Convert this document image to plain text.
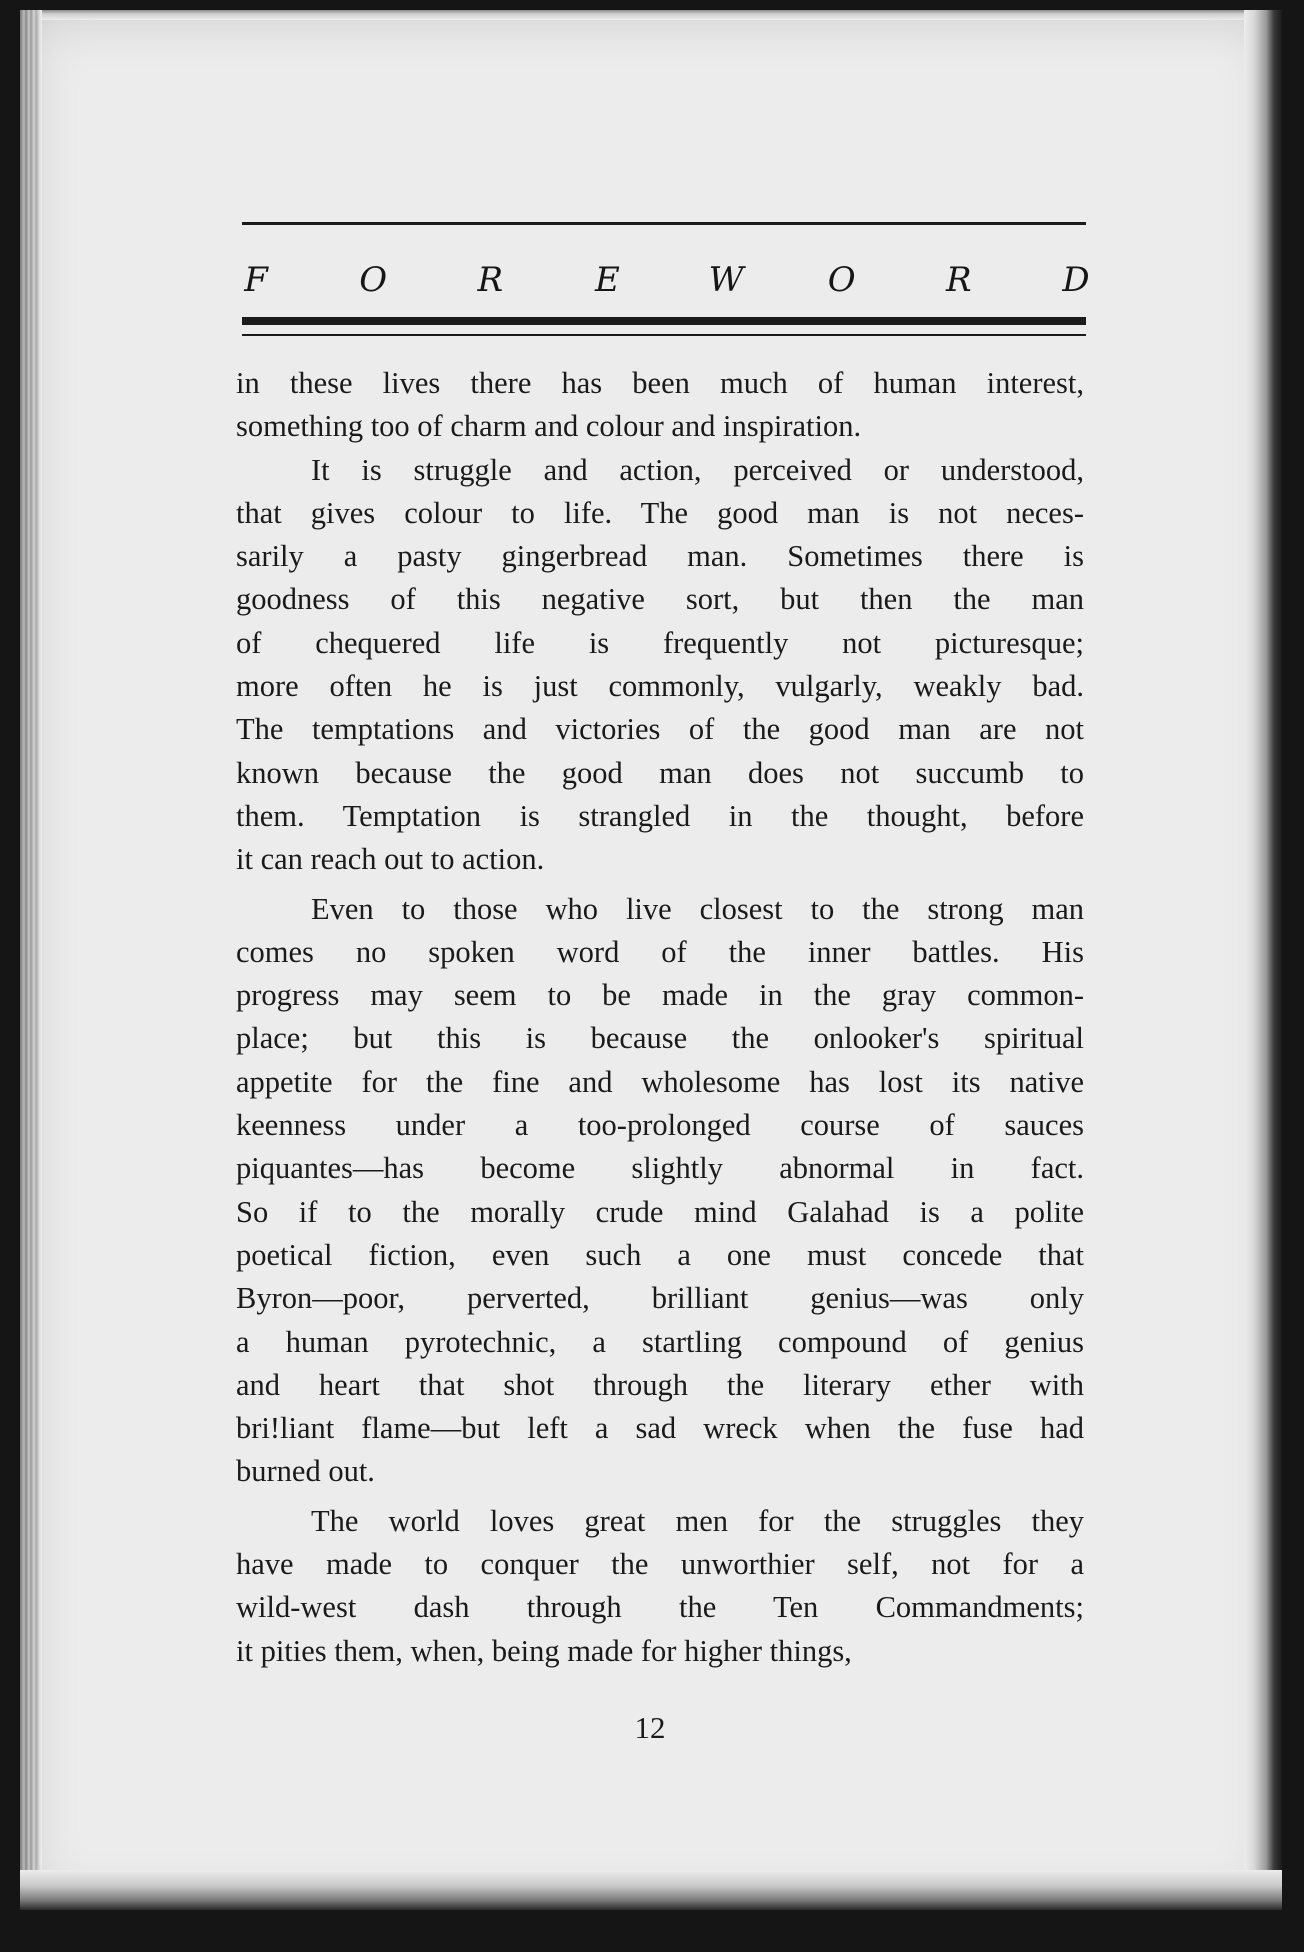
F	O	R	E	W O	R	D
in these lives there has been much of human interest,
something too of charm and colour and inspiration.
It is struggle and action, perceived or understood,
that gives colour to life. The good man is not neces-
sarily a pasty gingerbread man. Sometimes there is
goodness of this negative sort, but then the man
of chequered life is frequently not picturesque;
more often he is just commonly, vulgarly, weakly bad.
The temptations and victories of the good man are not
known because the good man does not succumb to
them. Temptation is strangled in the thought, before
it can reach out to action.
Even to those who live closest to the strong man
comes no spoken word of the inner battles. His
progress may seem to be made in the gray common-
place; but this is because the onlooker's spiritual
appetite for the fine and wholesome has lost its native
keenness under a too-prolonged course of sauces
piquantes—has become slightly abnormal in fact.
So if to the morally crude mind Galahad is a polite
poetical fiction, even such a one must concede that
Byron—poor, perverted, brilliant genius—was only
a human pyrotechnic, a startling compound of genius
and heart that shot through the literary ether with
bri!liant flame—but left a sad wreck when the fuse had
burned out.
The world loves great men for the struggles they
have made to conquer the unworthier self, not for a
wild-west dash through the Ten Commandments;
it pities them, when, being made for higher things,
12
